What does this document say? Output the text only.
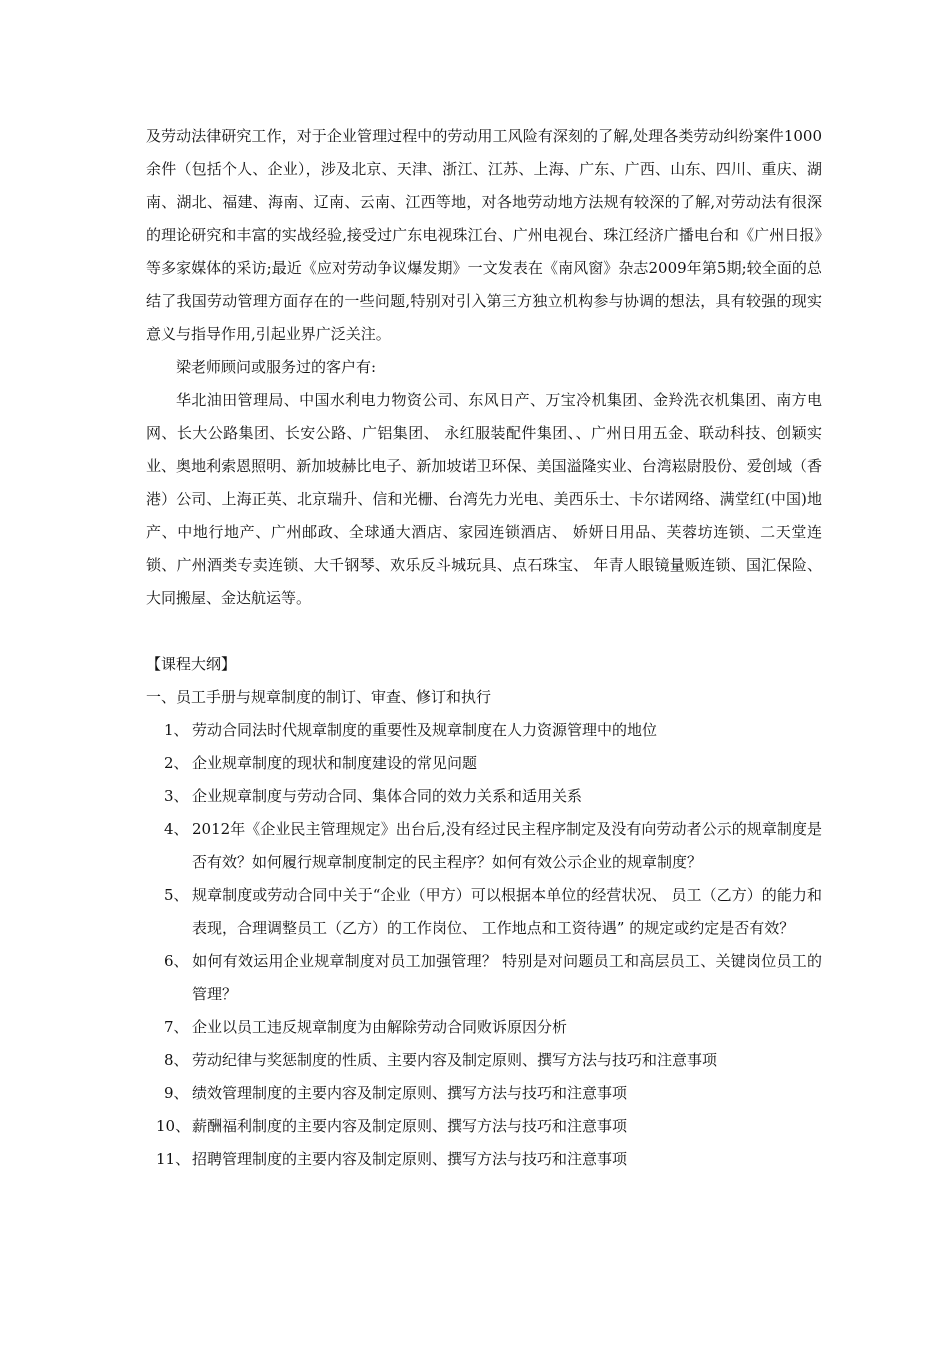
及劳动法律研究工作，对于企业管理过程中的劳动用工风险有深刻的了解,处理各类劳动纠纷案件1000余件（包括个人、企业），涉及北京、天津、浙江、江苏、上海、广东、广西、山东、四川、重庆、湖南、湖北、福建、海南、辽南、云南、江西等地，对各地劳动地方法规有较深的了解,对劳动法有很深的理论研究和丰富的实战经验,接受过广东电视珠江台、广州电视台、珠江经济广播电台和《广州日报》等多家媒体的采访;最近《应对劳动争议爆发期》一文发表在《南风窗》杂志2009年第5期;较全面的总结了我国劳动管理方面存在的一些问题,特别对引入第三方独立机构参与协调的想法，具有较强的现实意义与指导作用,引起业界广泛关注。

梁老师顾问或服务过的客户有:

华北油田管理局、中国水利电力物资公司、东风日产、万宝冷机集团、金羚洗衣机集团、南方电网、长大公路集团、长安公路、广铝集团、 永红服装配件集团、、广州日用五金、联动科技、创颖实业、奥地利索恩照明、新加坡赫比电子、新加坡诺卫环保、美国溢隆实业、台湾崧尉股份、爱创域（香港）公司、上海正英、北京瑞升、信和光栅、台湾先力光电、美西乐士、卡尔诺网络、满堂红(中国)地产、中地行地产、广州邮政、全球通大酒店、家园连锁酒店、 娇妍日用品、芙蓉坊连锁、二天堂连锁、广州酒类专卖连锁、大千钢琴、欢乐反斗城玩具、点石珠宝、 年青人眼镜量贩连锁、国汇保险、大同搬屋、金达航运等。

【课程大纲】

一、员工手册与规章制度的制订、审查、修订和执行

1、 劳动合同法时代规章制度的重要性及规章制度在人力资源管理中的地位

2、 企业规章制度的现状和制度建设的常见问题

3、 企业规章制度与劳动合同、集体合同的效力关系和适用关系

4、 2012年《企业民主管理规定》出台后,没有经过民主程序制定及没有向劳动者公示的规章制度是否有效？如何履行规章制度制定的民主程序？如何有效公示企业的规章制度？

5、 规章制度或劳动合同中关于“企业（甲方）可以根据本单位的经营状况、 员工（乙方）的能力和表现，合理调整员工（乙方）的工作岗位、 工作地点和工资待遇” 的规定或约定是否有效？

6、 如何有效运用企业规章制度对员工加强管理？ 特别是对问题员工和高层员工、关键岗位员工的管理？

7、 企业以员工违反规章制度为由解除劳动合同败诉原因分析

8、 劳动纪律与奖惩制度的性质、主要内容及制定原则、撰写方法与技巧和注意事项

9、 绩效管理制度的主要内容及制定原则、撰写方法与技巧和注意事项

10、 薪酬福利制度的主要内容及制定原则、撰写方法与技巧和注意事项

11、 招聘管理制度的主要内容及制定原则、撰写方法与技巧和注意事项
